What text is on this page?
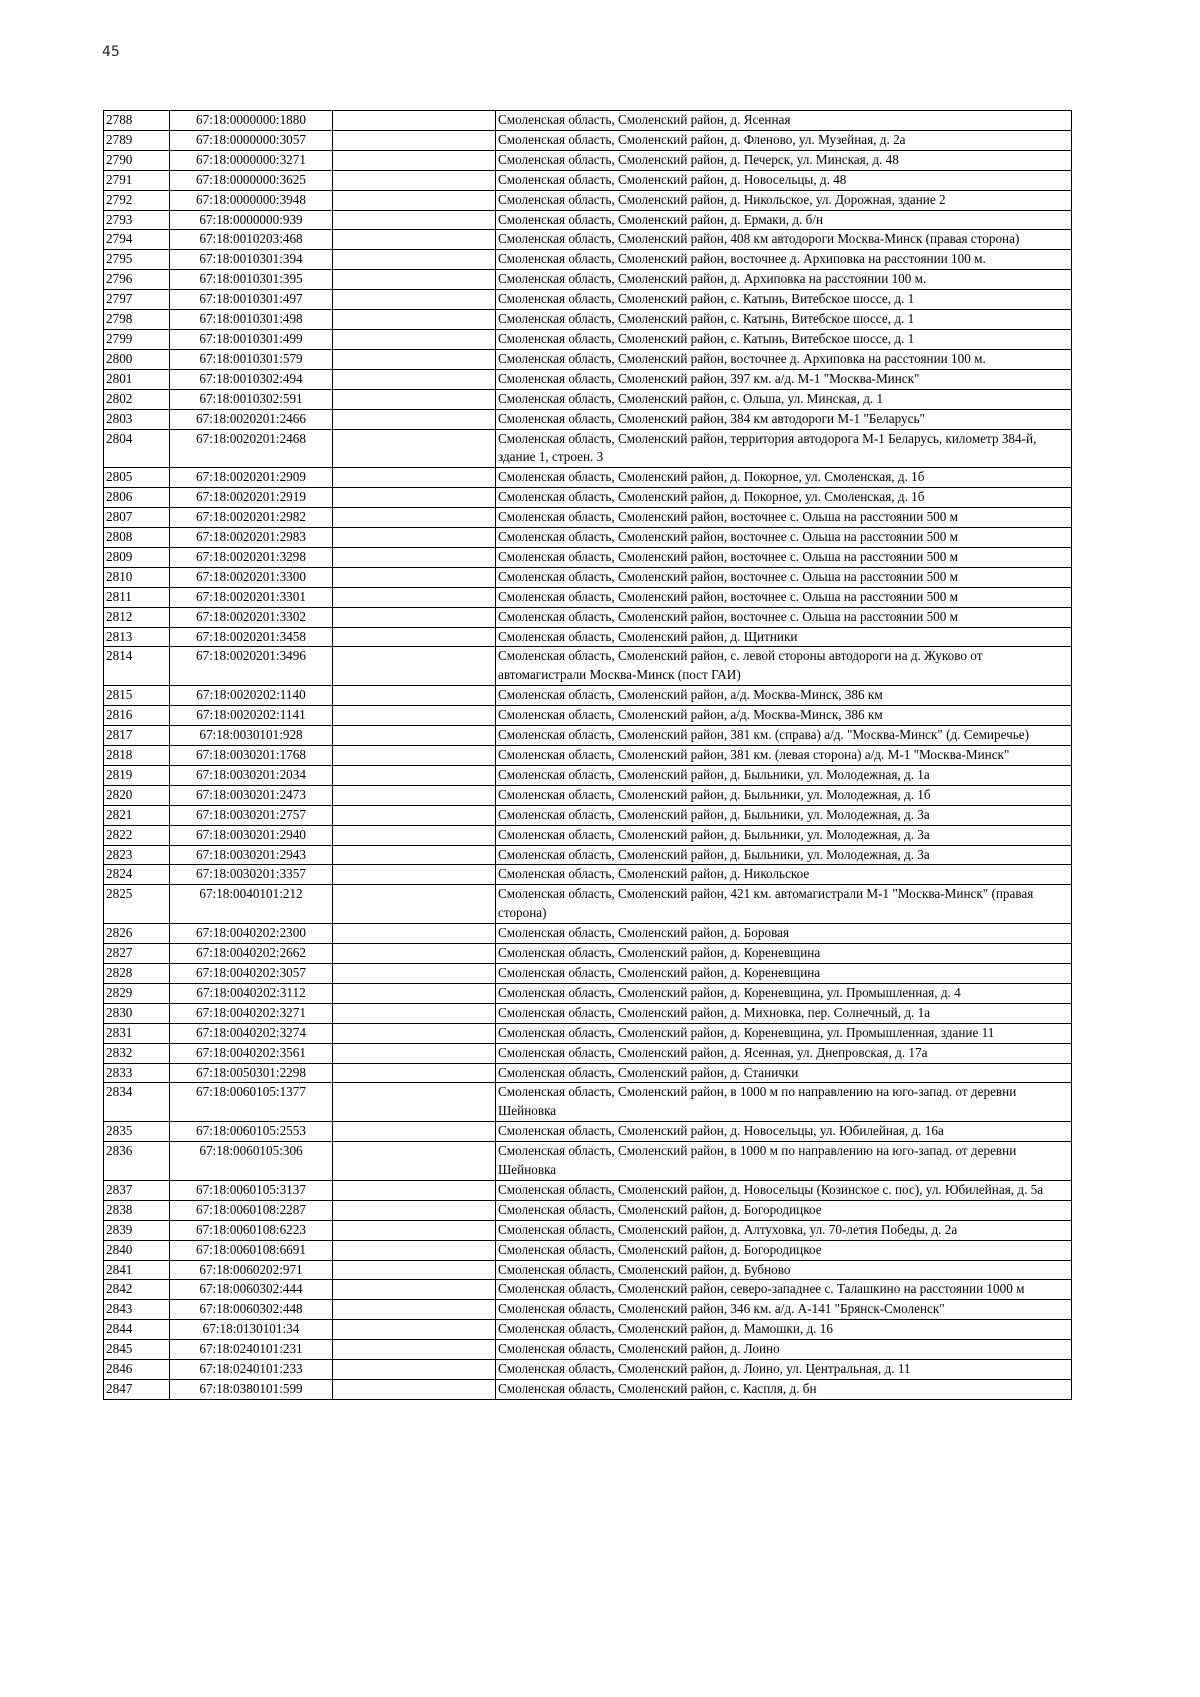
45
2788	67:18:0000000:1880		Смоленская область, Смоленский район, д. Ясенная
2789	67:18:0000000:3057		Смоленская область, Смоленский район, д. Фленово, ул. Музейная, д. 2а
2790	67:18:0000000:3271		Смоленская область, Смоленский район, д. Печерск, ул. Минская, д. 48
2791	67:18:0000000:3625		Смоленская область, Смоленский район, д. Новосельцы, д. 48
2792	67:18:0000000:3948		Смоленская область, Смоленский район, д. Никольское, ул. Дорожная, здание 2
2793	67:18:0000000:939		Смоленская область, Смоленский район, д. Ермаки, д. б/н
2794	67:18:0010203:468		Смоленская область, Смоленский район, 408 км автодороги Москва-Минск (правая сторона)
2795	67:18:0010301:394		Смоленская область, Смоленский район, восточнее д. Архиповка на расстоянии 100 м.
2796	67:18:0010301:395		Смоленская область, Смоленский район, д. Архиповка на расстоянии 100 м.
2797	67:18:0010301:497		Смоленская область, Смоленский район, с. Катынь, Витебское шоссе, д. 1
2798	67:18:0010301:498		Смоленская область, Смоленский район, с. Катынь, Витебское шоссе, д. 1
2799	67:18:0010301:499		Смоленская область, Смоленский район, с. Катынь, Витебское шоссе, д. 1
2800	67:18:0010301:579		Смоленская область, Смоленский район, восточнее д. Архиповка на расстоянии 100 м.
2801	67:18:0010302:494		Смоленская область, Смоленский район, 397 км. а/д. М-1 "Москва-Минск"
2802	67:18:0010302:591		Смоленская область, Смоленский район, с. Ольша, ул. Минская, д. 1
2803	67:18:0020201:2466		Смоленская область, Смоленский район, 384 км автодороги М-1 "Беларусь"
2804	67:18:0020201:2468		Смоленская область, Смоленский район, территория автодорога М-1 Беларусь, километр 384-й, здание 1, строен. 3
2805	67:18:0020201:2909		Смоленская область, Смоленский район, д. Покорное, ул. Смоленская, д. 1б
2806	67:18:0020201:2919		Смоленская область, Смоленский район, д. Покорное, ул. Смоленская, д. 1б
2807	67:18:0020201:2982		Смоленская область, Смоленский район, восточнее с. Ольша на расстоянии 500 м
2808	67:18:0020201:2983		Смоленская область, Смоленский район, восточнее с. Ольша на расстоянии 500 м
2809	67:18:0020201:3298		Смоленская область, Смоленский район, восточнее с. Ольша на расстоянии 500 м
2810	67:18:0020201:3300		Смоленская область, Смоленский район, восточнее с. Ольша на расстоянии 500 м
2811	67:18:0020201:3301		Смоленская область, Смоленский район, восточнее с. Ольша на расстоянии 500 м
2812	67:18:0020201:3302		Смоленская область, Смоленский район, восточнее с. Ольша на расстоянии 500 м
2813	67:18:0020201:3458		Смоленская область, Смоленский район, д. Щитники
2814	67:18:0020201:3496		Смоленская область, Смоленский район, с. левой стороны автодороги на д. Жуково от автомагистрали Москва-Минск (пост ГАИ)
2815	67:18:0020202:1140		Смоленская область, Смоленский район, а/д. Москва-Минск, 386 км
2816	67:18:0020202:1141		Смоленская область, Смоленский район, а/д. Москва-Минск, 386 км
2817	67:18:0030101:928		Смоленская область, Смоленский район, 381 км. (справа) а/д. "Москва-Минск" (д. Семиречье)
2818	67:18:0030201:1768		Смоленская область, Смоленский район, 381 км. (левая сторона) а/д. М-1 "Москва-Минск"
2819	67:18:0030201:2034		Смоленская область, Смоленский район, д. Быльники, ул. Молодежная, д. 1а
2820	67:18:0030201:2473		Смоленская область, Смоленский район, д. Быльники, ул. Молодежная, д. 1б
2821	67:18:0030201:2757		Смоленская область, Смоленский район, д. Быльники, ул. Молодежная, д. 3а
2822	67:18:0030201:2940		Смоленская область, Смоленский район, д. Быльники, ул. Молодежная, д. 3а
2823	67:18:0030201:2943		Смоленская область, Смоленский район, д. Быльники, ул. Молодежная, д. 3а
2824	67:18:0030201:3357		Смоленская область, Смоленский район, д. Никольское
2825	67:18:0040101:212		Смоленская область, Смоленский район, 421 км. автомагистрали М-1 "Москва-Минск" (правая сторона)
2826	67:18:0040202:2300		Смоленская область, Смоленский район, д. Боровая
2827	67:18:0040202:2662		Смоленская область, Смоленский район, д. Кореневщина
2828	67:18:0040202:3057		Смоленская область, Смоленский район, д. Кореневщина
2829	67:18:0040202:3112		Смоленская область, Смоленский район, д. Кореневщина, ул. Промышленная, д. 4
2830	67:18:0040202:3271		Смоленская область, Смоленский район, д. Михновка, пер. Солнечный, д. 1а
2831	67:18:0040202:3274		Смоленская область, Смоленский район, д. Кореневщина, ул. Промышленная, здание 11
2832	67:18:0040202:3561		Смоленская область, Смоленский район, д. Ясенная, ул. Днепровская, д. 17а
2833	67:18:0050301:2298		Смоленская область, Смоленский район, д. Станички
2834	67:18:0060105:1377		Смоленская область, Смоленский район, в 1000 м по направлению на юго-запад. от деревни Шейновка
2835	67:18:0060105:2553		Смоленская область, Смоленский район, д. Новосельцы, ул. Юбилейная, д. 16а
2836	67:18:0060105:306		Смоленская область, Смоленский район, в 1000 м по направлению на юго-запад. от деревни Шейновка
2837	67:18:0060105:3137		Смоленская область, Смоленский район, д. Новосельцы (Козинское с. пос), ул. Юбилейная, д. 5а
2838	67:18:0060108:2287		Смоленская область, Смоленский район, д. Богородицкое
2839	67:18:0060108:6223		Смоленская область, Смоленский район, д. Алтуховка, ул. 70-летия Победы, д. 2а
2840	67:18:0060108:6691		Смоленская область, Смоленский район, д. Богородицкое
2841	67:18:0060202:971		Смоленская область, Смоленский район, д. Бубново
2842	67:18:0060302:444		Смоленская область, Смоленский район, северо-западнее с. Талашкино на расстоянии 1000 м
2843	67:18:0060302:448		Смоленская область, Смоленский район, 346 км. а/д. А-141 "Брянск-Смоленск"
2844	67:18:0130101:34		Смоленская область, Смоленский район, д. Мамошки, д. 16
2845	67:18:0240101:231		Смоленская область, Смоленский район, д. Лоино
2846	67:18:0240101:233		Смоленская область, Смоленский район, д. Лоино, ул. Центральная, д. 11
2847	67:18:0380101:599		Смоленская область, Смоленский район, с. Каспля, д. бн
